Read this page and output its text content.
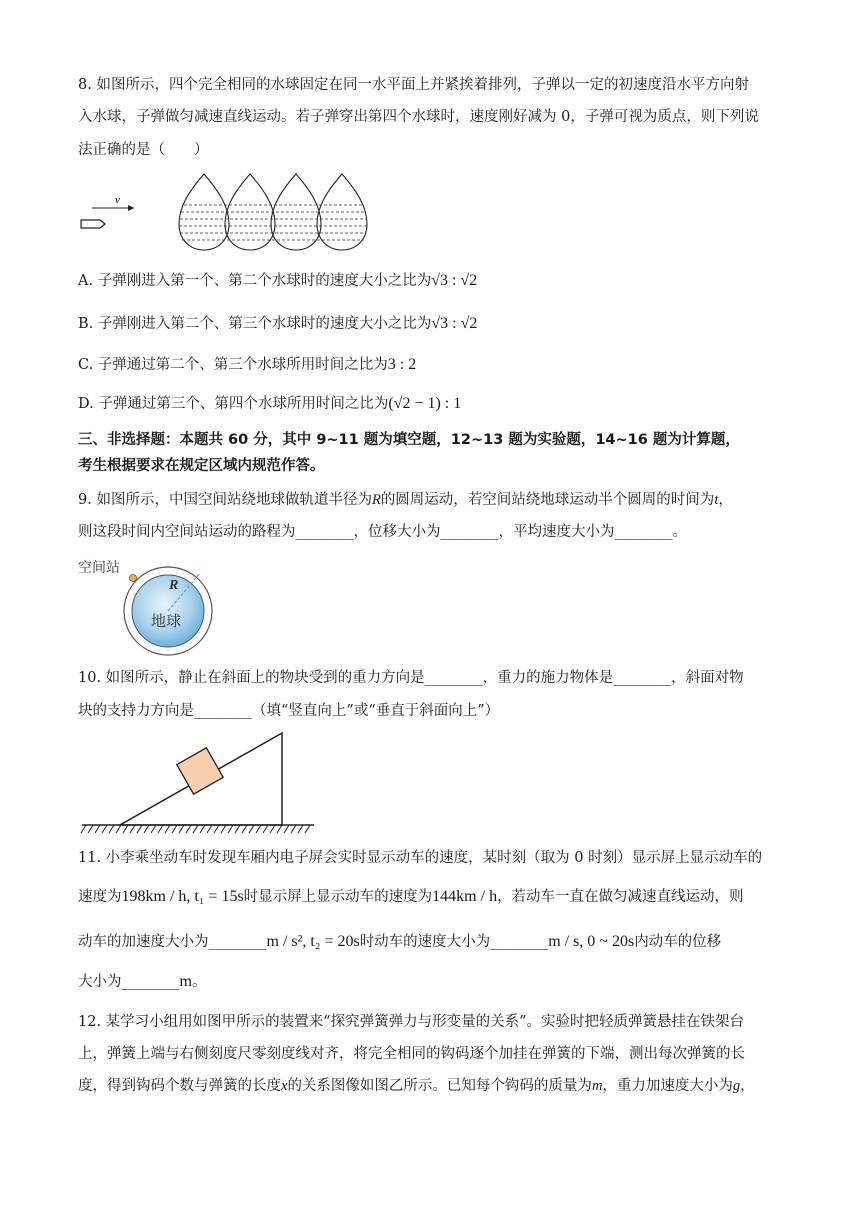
8. 如图所示，四个完全相同的水球固定在同一水平面上并紧挨着排列，子弹以一定的初速度沿水平方向射
入水球，子弹做匀减速直线运动。若子弹穿出第四个水球时，速度刚好减为 0，子弹可视为质点，则下列说
法正确的是（　　）
v
A. 子弹刚进入第一个、第二个水球时的速度大小之比为√3 : √2
B. 子弹刚进入第二个、第三个水球时的速度大小之比为√3 : √2
C. 子弹通过第二个、第三个水球所用时间之比为3 : 2
D. 子弹通过第三个、第四个水球所用时间之比为(√2 − 1) : 1
三、非选择题：本题共 60 分，其中 9~11 题为填空题，12~13 题为实验题，14~16 题为计算题，
考生根据要求在规定区域内规范作答。
9. 如图所示，中国空间站绕地球做轨道半径为R的圆周运动，若空间站绕地球运动半个圆周的时间为t，
则这段时间内空间站运动的路程为________，位移大小为________，平均速度大小为________。
空间站
R
地球
10. 如图所示，静止在斜面上的物块受到的重力方向是________，重力的施力物体是________，斜面对物
块的支持力方向是________（填“竖直向上”或“垂直于斜面向上”）
11. 小李乘坐动车时发现车厢内电子屏会实时显示动车的速度，某时刻（取为 0 时刻）显示屏上显示动车的
速度为198km / h, t₁ = 15s时显示屏上显示动车的速度为144km / h，若动车一直在做匀减速直线运动，则
动车的加速度大小为________m / s², t₂ = 20s时动车的速度大小为________m / s, 0 ~ 20s内动车的位移
大小为________m。
12. 某学习小组用如图甲所示的装置来“探究弹簧弹力与形变量的关系”。实验时把轻质弹簧悬挂在铁架台
上，弹簧上端与右侧刻度尺零刻度线对齐，将完全相同的钩码逐个加挂在弹簧的下端，测出每次弹簧的长
度，得到钩码个数与弹簧的长度x的关系图像如图乙所示。已知每个钩码的质量为m，重力加速度大小为g，
